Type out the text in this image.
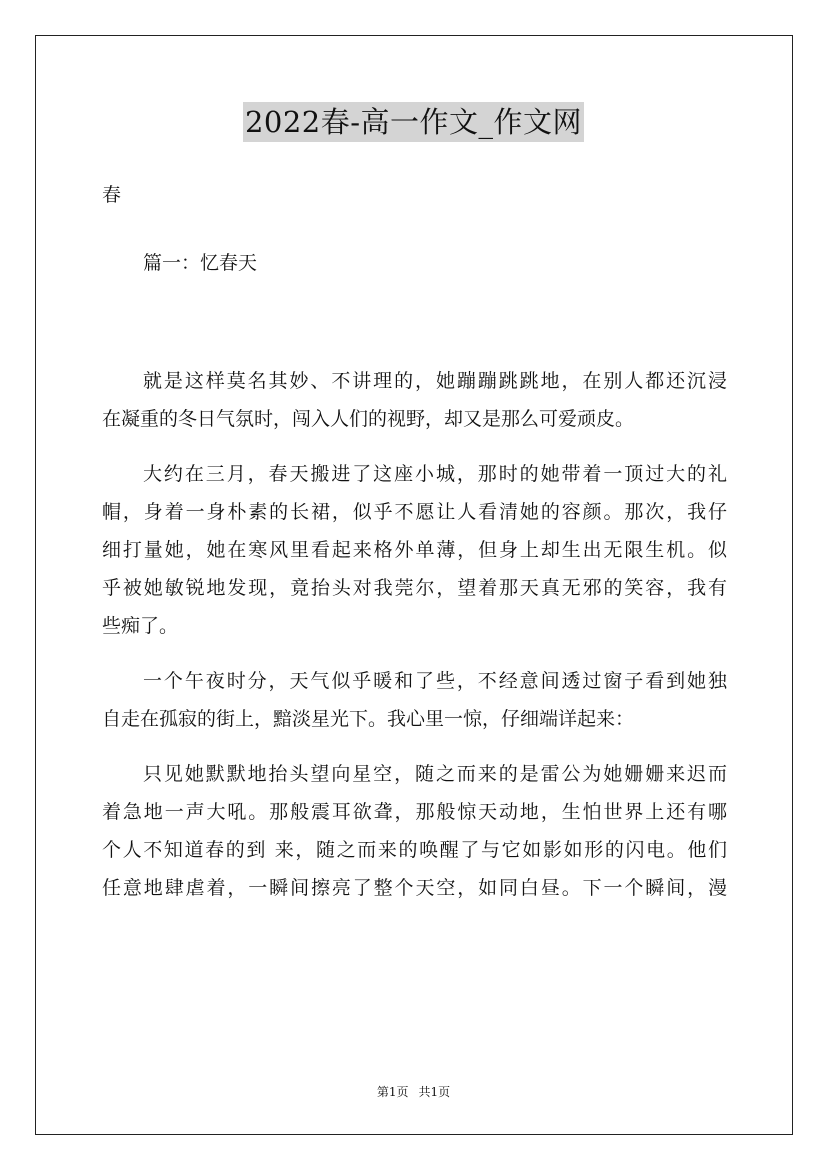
2022春-高一作文_作文网
春
篇一：忆春天
就是这样莫名其妙、不讲理的，她蹦蹦跳跳地，在别人都还沉浸
在凝重的冬日气氛时，闯入人们的视野，却又是那么可爱顽皮。
大约在三月，春天搬进了这座小城，那时的她带着一顶过大的礼
帽，身着一身朴素的长裙，似乎不愿让人看清她的容颜。那次，我仔
细打量她，她在寒风里看起来格外单薄，但身上却生出无限生机。似
乎被她敏锐地发现，竟抬头对我莞尔，望着那天真无邪的笑容，我有
些痴了。
一个午夜时分，天气似乎暖和了些，不经意间透过窗子看到她独
自走在孤寂的街上，黯淡星光下。我心里一惊，仔细端详起来：
只见她默默地抬头望向星空，随之而来的是雷公为她姗姗来迟而
着急地一声大吼。那般震耳欲聋，那般惊天动地，生怕世界上还有哪
个人不知道春的到 来，随之而来的唤醒了与它如影如形的闪电。他们
任意地肆虐着，一瞬间擦亮了整个天空，如同白昼。下一个瞬间，漫
第1页 共1页
